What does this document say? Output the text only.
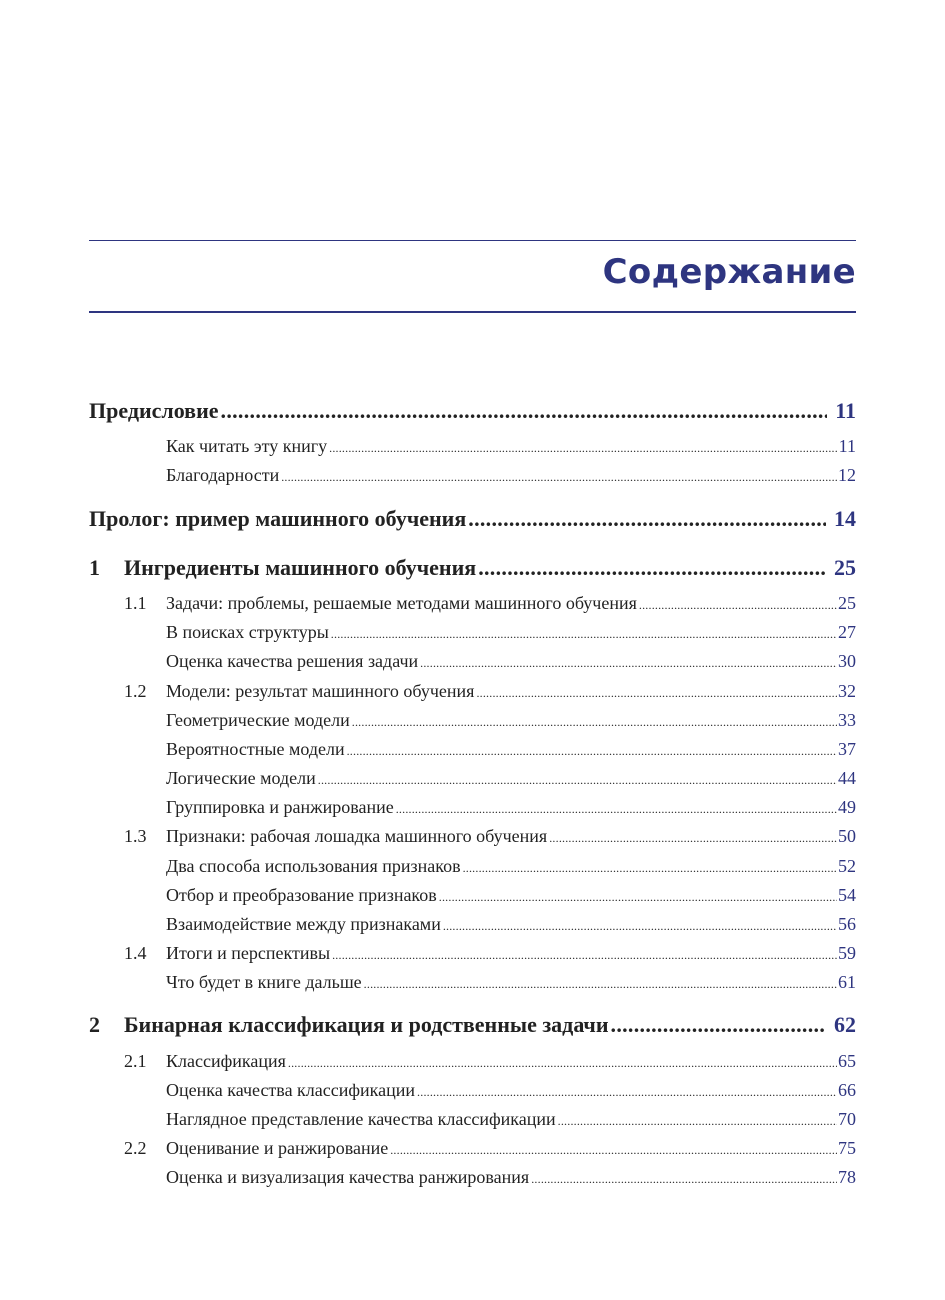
Содержание
Предисловие . . .	11
Как читать эту книгу .....	11
Благодарности .....	12
Пролог: пример машинного обучения . . .	14
1	Ингредиенты машинного обучения . . .	25
1.1	Задачи: проблемы, решаемые методами машинного обучения .....	25
В поисках структуры .....	27
Оценка качества решения задачи .....	30
1.2	Модели: результат машинного обучения .....	32
Геометрические модели .....	33
Вероятностные модели .....	37
Логические модели .....	44
Группировка и ранжирование .....	49
1.3	Признаки: рабочая лошадка машинного обучения .....	50
Два способа использования признаков .....	52
Отбор и преобразование признаков .....	54
Взаимодействие между признаками .....	56
1.4	Итоги и перспективы .....	59
Что будет в книге дальше .....	61
2	Бинарная классификация и родственные задачи . . .	62
2.1	Классификация .....	65
Оценка качества классификации .....	66
Наглядное представление качества классификации .....	70
2.2	Оценивание и ранжирование .....	75
Оценка и визуализация качества ранжирования .....	78
